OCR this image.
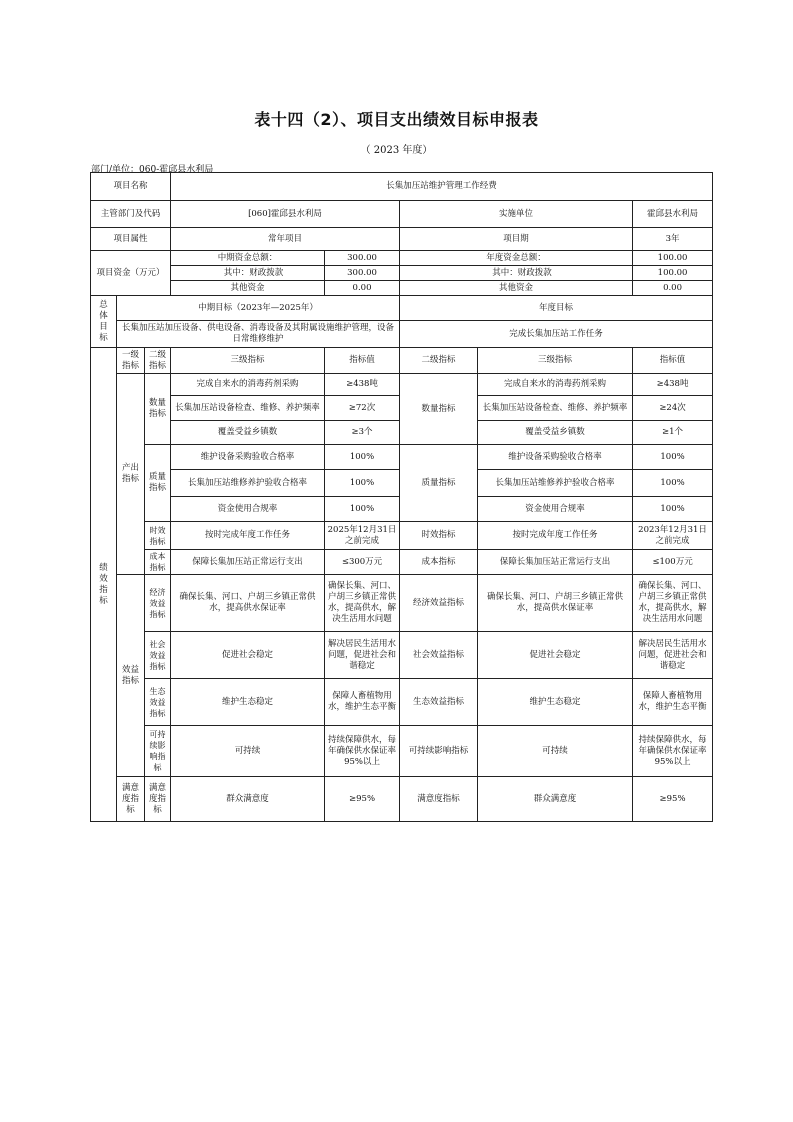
表十四（2）、项目支出绩效目标申报表
（ 2023 年度）
部门/单位：060-霍邱县水利局
项目名称			长集加压站维护管理工作经费				
主管部门及代码			[060]霍邱县水利局		实施单位		霍邱县水利局
项目属性			常年项目		项目期		3年
项目资金（万元）			中期资金总额：	300.00	年度资金总额：		100.00
			其中：财政拨款	300.00	其中：财政拨款		100.00
			其他资金	0.00	其他资金		0.00
总体目标	中期目标（2023年—2025年）				年度目标		
	长集加压站加压设备、供电设备、消毒设备及其附属设施维护管理，设备日常维修维护				完成长集加压站工作任务		
绩效指标	一级指标	二级指标	三级指标	指标值	二级指标	三级指标	指标值
	产出指标	数量指标	完成自来水的消毒药剂采购	≥438吨	数量指标	完成自来水的消毒药剂采购	≥438吨
			长集加压站设备检查、维修、养护频率	≥72次		长集加压站设备检查、维修、养护频率	≥24次
			覆盖受益乡镇数	≥3个		覆盖受益乡镇数	≥1个
		质量指标	维护设备采购验收合格率	100%	质量指标	维护设备采购验收合格率	100%
			长集加压站维修养护验收合格率	100%		长集加压站维修养护验收合格率	100%
			资金使用合规率	100%		资金使用合规率	100%
		时效指标	按时完成年度工作任务	2025年12月31日之前完成	时效指标	按时完成年度工作任务	2023年12月31日之前完成
		成本指标	保障长集加压站正常运行支出	≤300万元	成本指标	保障长集加压站正常运行支出	≤100万元
	效益指标	经济效益指标	确保长集、河口、户胡三乡镇正常供水，提高供水保证率	确保长集、河口、户胡三乡镇正常供水，提高供水，解决生活用水问题	经济效益指标	确保长集、河口、户胡三乡镇正常供水，提高供水保证率	确保长集、河口、户胡三乡镇正常供水，提高供水，解决生活用水问题
		社会效益指标	促进社会稳定	解决居民生活用水问题，促进社会和谐稳定	社会效益指标	促进社会稳定	解决居民生活用水问题，促进社会和谐稳定
		生态效益指标	维护生态稳定	保障人畜植物用水，维护生态平衡	生态效益指标	维护生态稳定	保障人畜植物用水，维护生态平衡
		可持续影响指标	可持续	持续保障供水，每年确保供水保证率95%以上	可持续影响指标	可持续	持续保障供水，每年确保供水保证率95%以上
	满意度指标	满意度指标	群众满意度	≥95%	满意度指标	群众满意度	≥95%
